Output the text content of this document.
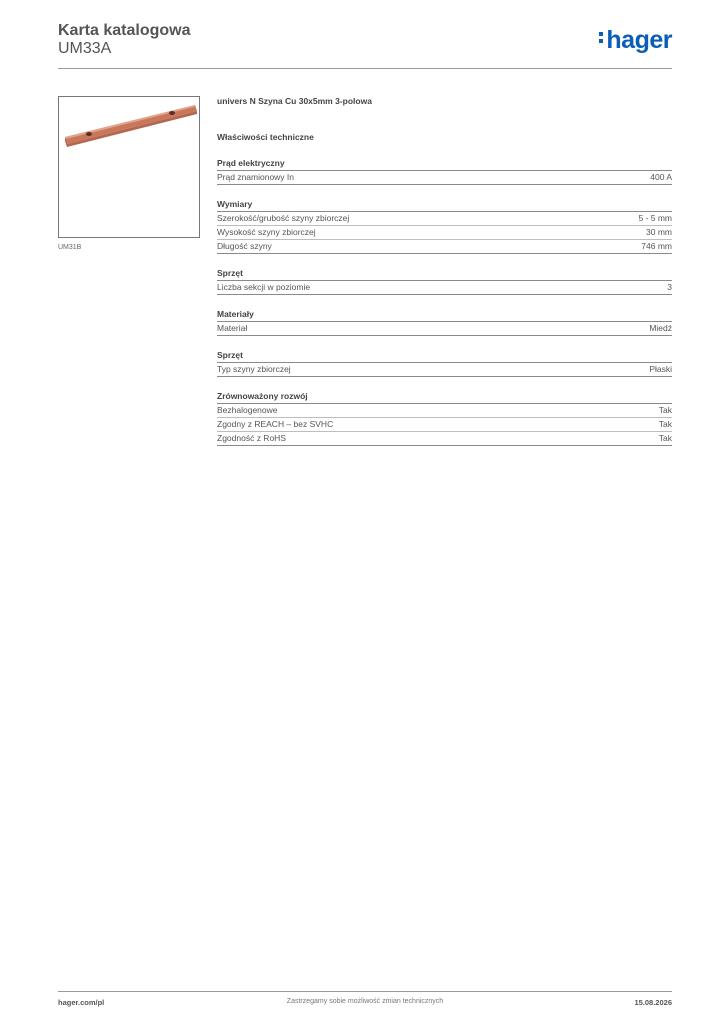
Karta katalogowa
UM33A	hager
UM31B
univers N Szyna Cu 30x5mm 3-polowa
Właściwości techniczne
Prąd elektryczny
Prąd znamionowy In	400 A
Wymiary
Szerokość/grubość szyny zbiorczej	5 - 5 mm
Wysokość szyny zbiorczej	30 mm
Długość szyny	746 mm
Sprzęt
Liczba sekcji w poziomie	3
Materiały
Materiał	Miedź
Sprzęt
Typ szyny zbiorczej	Płaski
Zrównoważony rozwój
Bezhalogenowe	Tak
Zgodny z REACH – bez SVHC	Tak
Zgodność z RoHS	Tak
hager.com/pl	Zastrzegamy sobie możliwość zmian technicznych	15.08.2026
